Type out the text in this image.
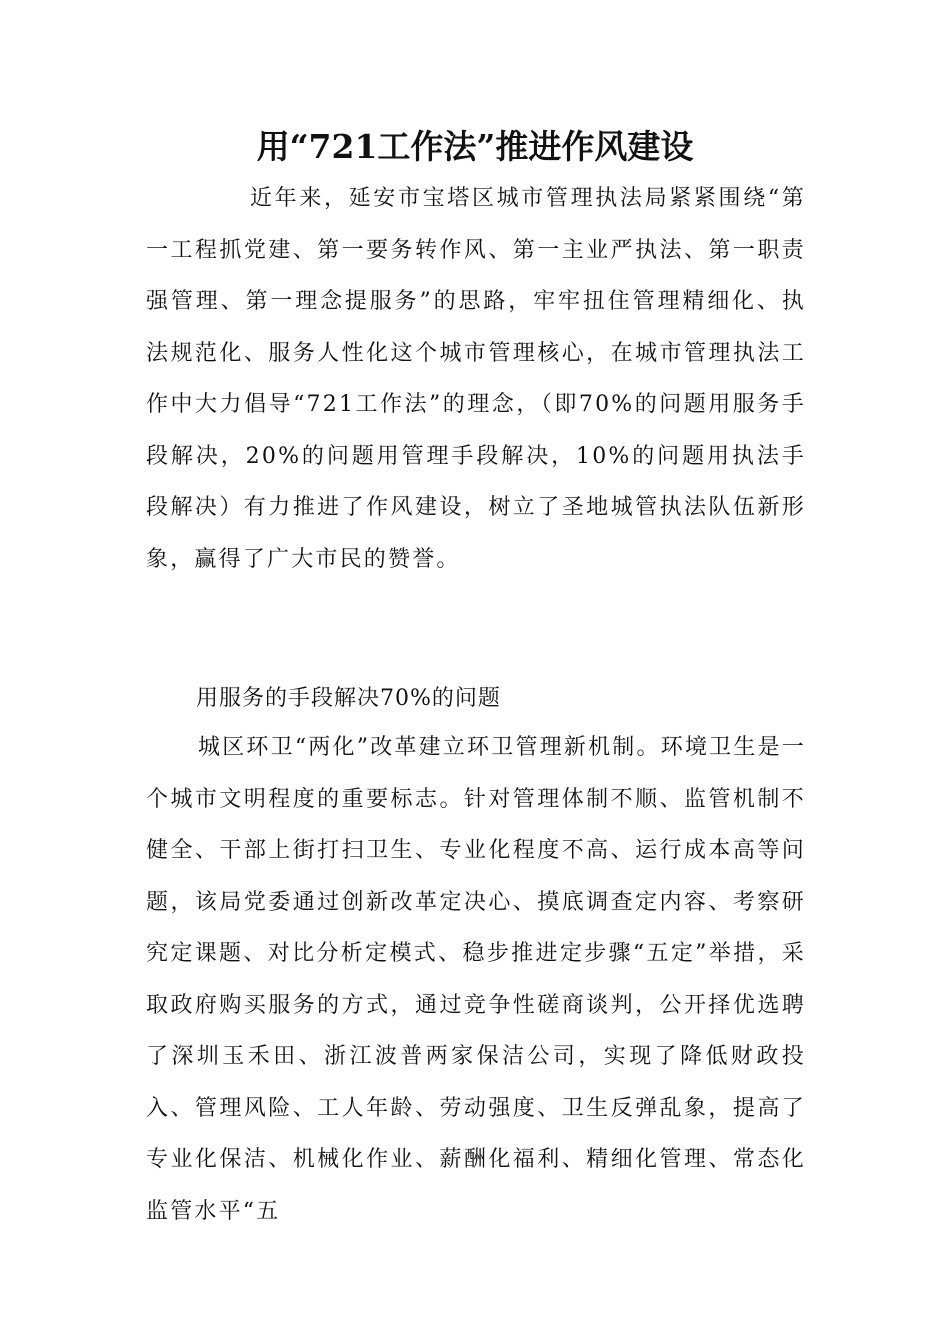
用“721工作法”推进作风建设

近年来，延安市宝塔区城市管理执法局紧紧围绕“第一工程抓党建、第一要务转作风、第一主业严执法、第一职责强管理、第一理念提服务”的思路，牢牢扭住管理精细化、执法规范化、服务人性化这个城市管理核心，在城市管理执法工作中大力倡导“721工作法”的理念，（即70%的问题用服务手段解决，20%的问题用管理手段解决，10%的问题用执法手段解决）有力推进了作风建设，树立了圣地城管执法队伍新形象，赢得了广大市民的赞誉。

用服务的手段解决70%的问题

城区环卫“两化”改革建立环卫管理新机制。环境卫生是一个城市文明程度的重要标志。针对管理体制不顺、监管机制不健全、干部上街打扫卫生、专业化程度不高、运行成本高等问题，该局党委通过创新改革定决心、摸底调查定内容、考察研究定课题、对比分析定模式、稳步推进定步骤“五定”举措，采取政府购买服务的方式，通过竞争性磋商谈判，公开择优选聘了深圳玉禾田、浙江波普两家保洁公司，实现了降低财政投入、管理风险、工人年龄、劳动强度、卫生反弹乱象，提高了专业化保洁、机械化作业、薪酬化福利、精细化管理、常态化监管水平“五
